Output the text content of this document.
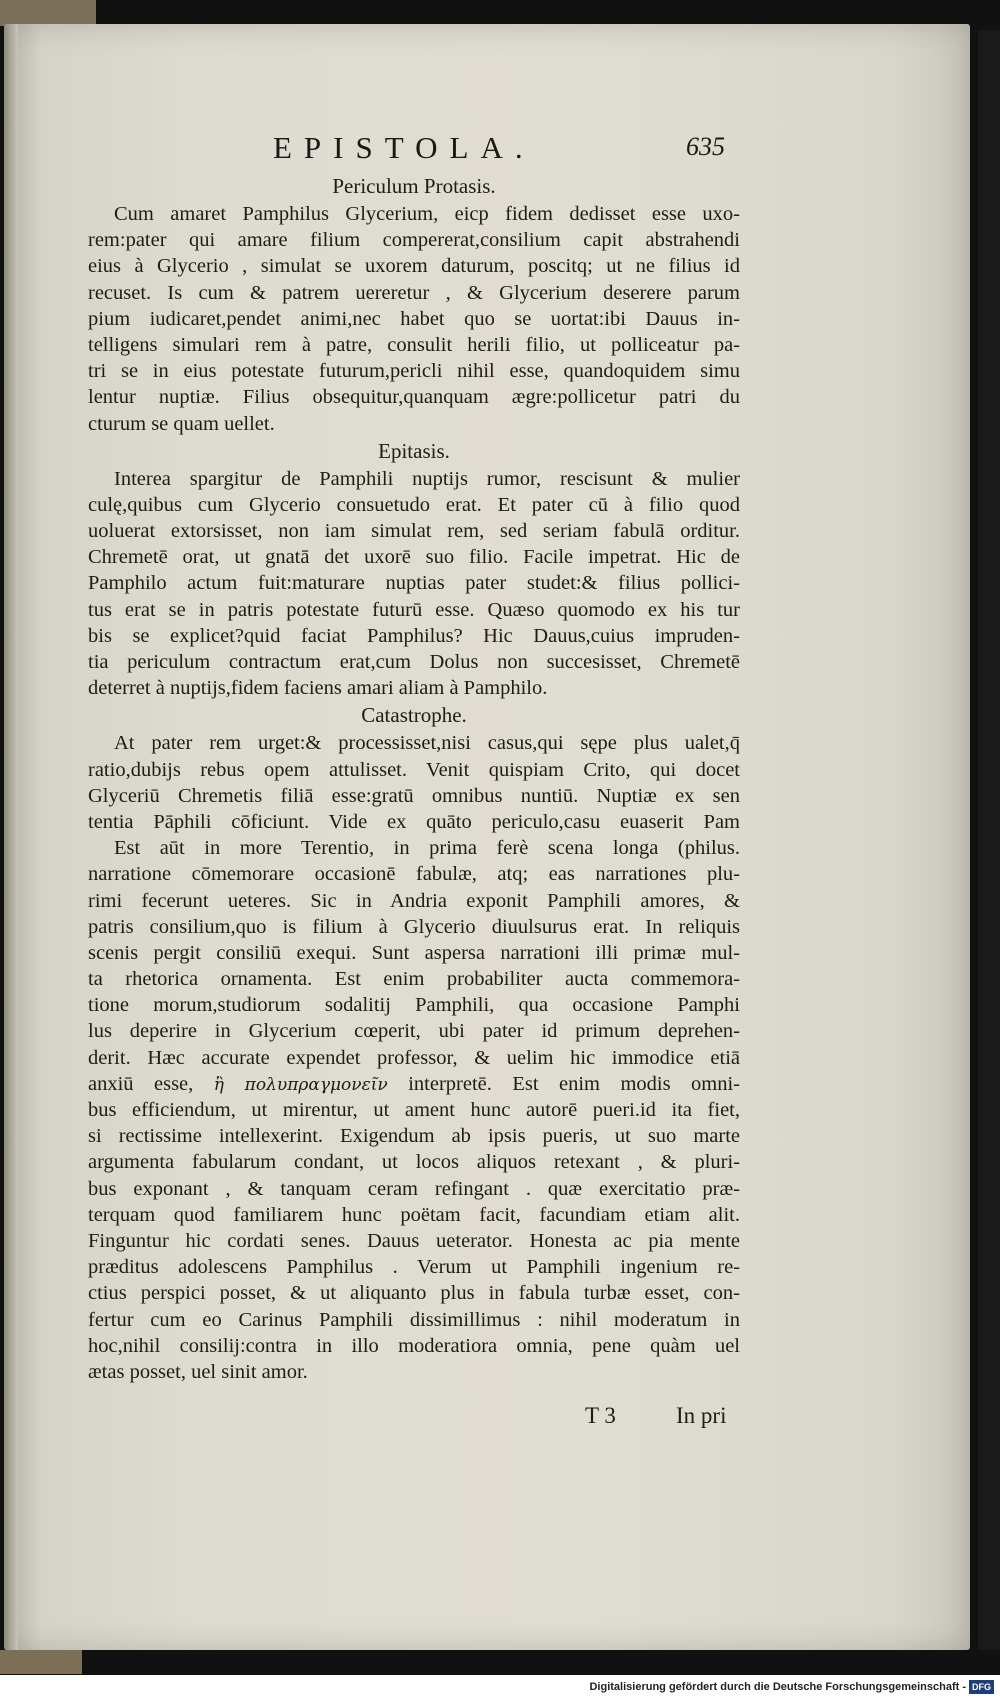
EPISTOLA.	635
Periculum Protasis.
Cum amaret Pamphilus Glycerium, eicp fidem dedisset esse uxo-
rem:pater qui amare filium compererat,consilium capit abstrahendi
eius à Glycerio , simulat se uxorem daturum, poscitq; ut ne filius id
recuset. Is cum & patrem uereretur , & Glycerium deserere parum
pium iudicaret,pendet animi,nec habet quo se uortat:ibi Dauus in-
telligens simulari rem à patre, consulit herili filio, ut polliceatur pa-
tri se in eius potestate futurum,pericli nihil esse, quandoquidem simu
lentur nuptiæ. Filius obsequitur,quanquam ægre:pollicetur patri du
cturum se quam uellet.
Epitasis.
Interea spargitur de Pamphili nuptijs rumor, rescisunt & mulier
culę,quibus cum Glycerio consuetudo erat. Et pater cū à filio quod
uoluerat extorsisset, non iam simulat rem, sed seriam fabulā orditur.
Chremetē orat, ut gnatā det uxorē suo filio. Facile impetrat. Hic de
Pamphilo actum fuit:maturare nuptias pater studet:& filius pollici-
tus erat se in patris potestate futurū esse. Quæso quomodo ex his tur
bis se explicet?quid faciat Pamphilus? Hic Dauus,cuius impruden-
tia periculum contractum erat,cum Dolus non succesisset, Chremetē
deterret à nuptijs,fidem faciens amari aliam à Pamphilo.
Catastrophe.
At pater rem urget:& processisset,nisi casus,qui sępe plus ualet,q̄
ratio,dubijs rebus opem attulisset. Venit quispiam Crito, qui docet
Glyceriū Chremetis filiā esse:gratū omnibus nuntiū. Nuptiæ ex sen
tentia Pāphili cōficiunt. Vide ex quāto periculo,casu euaserit Pam
Est aūt in more Terentio, in prima ferè scena longa (philus.
narratione cōmemorare occasionē fabulæ, atq; eas narrationes plu-
rimi fecerunt ueteres. Sic in Andria exponit Pamphili amores, &
patris consilium,quo is filium à Glycerio diuulsurus erat. In reliquis
scenis pergit consiliū exequi. Sunt aspersa narrationi illi primæ mul-
ta rhetorica ornamenta. Est enim probabiliter aucta commemora-
tione morum,studiorum sodalitij Pamphili, qua occasione Pamphi
lus deperire in Glycerium cœperit, ubi pater id primum deprehen-
derit. Hæc accurate expendet professor, & uelim hic immodice etiā
anxiū esse, ἢ πολυπραγμονεῖν interpretē. Est enim modis omni-
bus efficiendum, ut mirentur, ut ament hunc autorē pueri.id ita fiet,
si rectissime intellexerint. Exigendum ab ipsis pueris, ut suo marte
argumenta fabularum condant, ut locos aliquos retexant , & pluri-
bus exponant , & tanquam ceram refingant . quæ exercitatio præ-
terquam quod familiarem hunc poëtam facit, facundiam etiam alit.
Finguntur hic cordati senes. Dauus ueterator. Honesta ac pia mente
præditus adolescens Pamphilus . Verum ut Pamphili ingenium re-
ctius perspici posset, & ut aliquanto plus in fabula turbæ esset, con-
fertur cum eo Carinus Pamphili dissimillimus : nihil moderatum in
hoc,nihil consilij:contra in illo moderatiora omnia, pene quàm uel
ætas posset, uel sinit amor.
T 3	In pri
Digitalisierung gefördert durch die Deutsche Forschungsgemeinschaft - DFG
